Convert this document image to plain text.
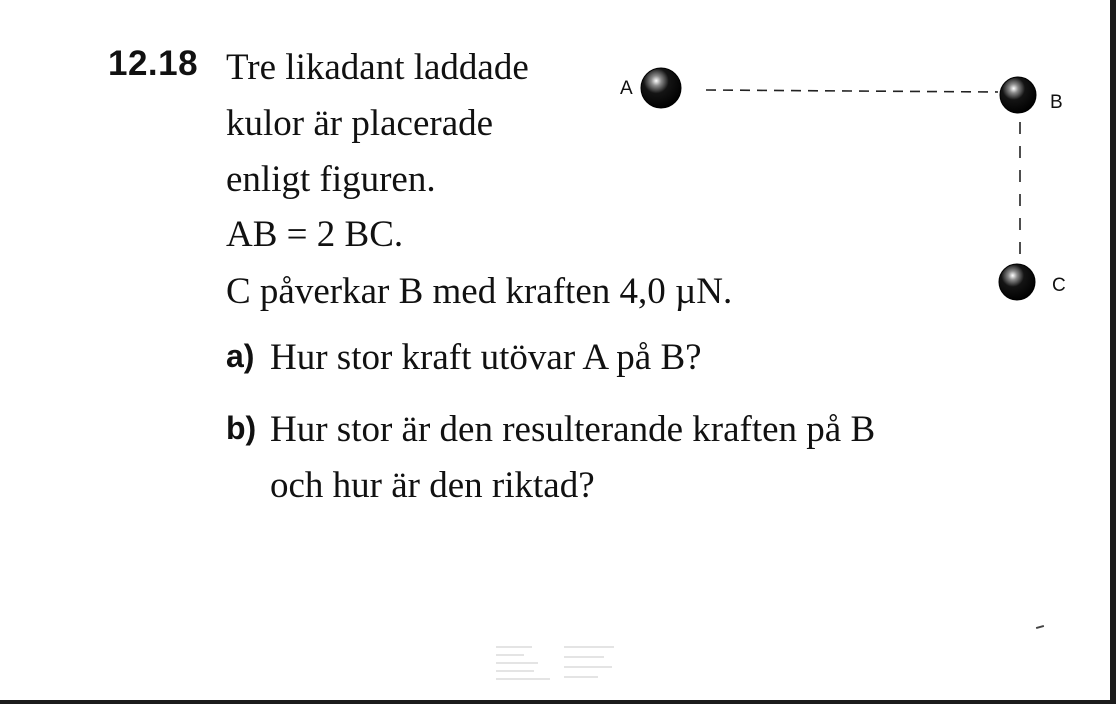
12.18 Tre likadant laddade
kulor är placerade
enligt figuren.
AB = 2 BC.
C påverkar B med kraften 4,0 µN.
a) Hur stor kraft utövar A på B?
b) Hur stor är den resulterande kraften på B
och hur är den riktad?
A
B
C
